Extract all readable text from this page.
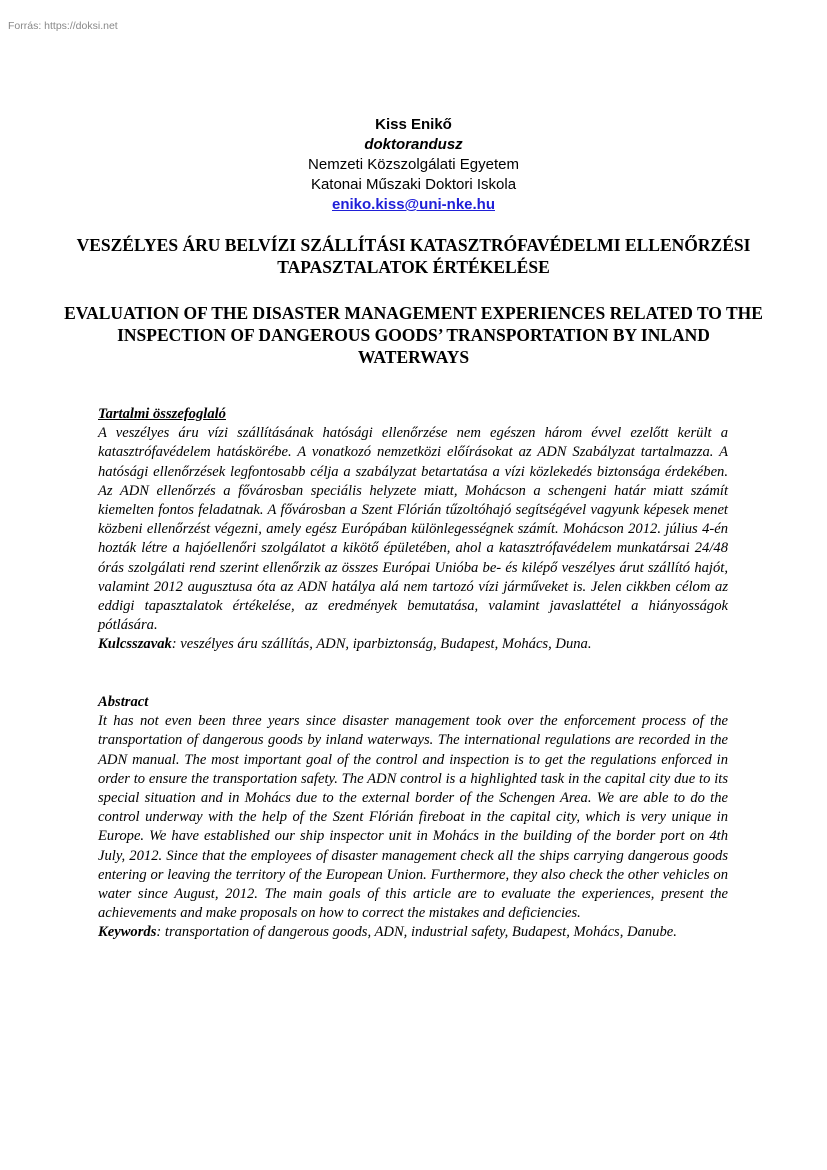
Forrás: https://doksi.net
Kiss Enikő
doktorandusz
Nemzeti Közszolgálati Egyetem
Katonai Műszaki Doktori Iskola
eniko.kiss@uni-nke.hu
VESZÉLYES ÁRU BELVÍZI SZÁLLÍTÁSI KATASZTRÓFAVÉDELMI ELLENŐRZÉSI TAPASZTALATOK ÉRTÉKELÉSE
EVALUATION OF THE DISASTER MANAGEMENT EXPERIENCES RELATED TO THE INSPECTION OF DANGEROUS GOODS’ TRANSPORTATION BY INLAND WATERWAYS

Tartalmi összefoglaló

A veszélyes áru vízi szállításának hatósági ellenőrzése nem egészen három évvel ezelőtt került a katasztrófavédelem hatáskörébe. A vonatkozó nemzetközi előírásokat az ADN Szabályzat tartalmazza. A hatósági ellenőrzések legfontosabb célja a szabályzat betartatása a vízi közlekedés biztonsága érdekében. Az ADN ellenőrzés a fővárosban speciális helyzete miatt, Mohácson a schengeni határ miatt számít kiemelten fontos feladatnak. A fővárosban a Szent Flórián tűzoltóhajó segítségével vagyunk képesek menet közbeni ellenőrzést végezni, amely egész Európában különlegességnek számít. Mohácson 2012. július 4-én hozták létre a hajóellenőri szolgálatot a kikötő épületében, ahol a katasztrófavédelem munkatársai 24/48 órás szolgálati rend szerint ellenőrzik az összes Európai Unióba be- és kilépő veszélyes árut szállító hajót, valamint 2012 augusztusa óta az ADN hatálya alá nem tartozó vízi járműveket is. Jelen cikkben célom az eddigi tapasztalatok értékelése, az eredmények bemutatása, valamint javaslattétel a hiányosságok pótlására.

Kulcsszavak: veszélyes áru szállítás, ADN, iparbiztonság, Budapest, Mohács, Duna.

Abstract

It has not even been three years since disaster management took over the enforcement process of the transportation of dangerous goods by inland waterways. The international regulations are recorded in the ADN manual. The most important goal of the control and inspection is to get the regulations enforced in order to ensure the transportation safety. The ADN control is a highlighted task in the capital city due to its special situation and in Mohács due to the external border of the Schengen Area. We are able to do the control underway with the help of the Szent Flórián fireboat in the capital city, which is very unique in Europe. We have established our ship inspector unit in Mohács in the building of the border port on 4th July, 2012. Since that the employees of disaster management check all the ships carrying dangerous goods entering or leaving the territory of the European Union. Furthermore, they also check the other vehicles on water since August, 2012. The main goals of this article are to evaluate the experiences, present the achievements and make proposals on how to correct the mistakes and deficiencies.

Keywords: transportation of dangerous goods, ADN, industrial safety, Budapest, Mohács, Danube.
